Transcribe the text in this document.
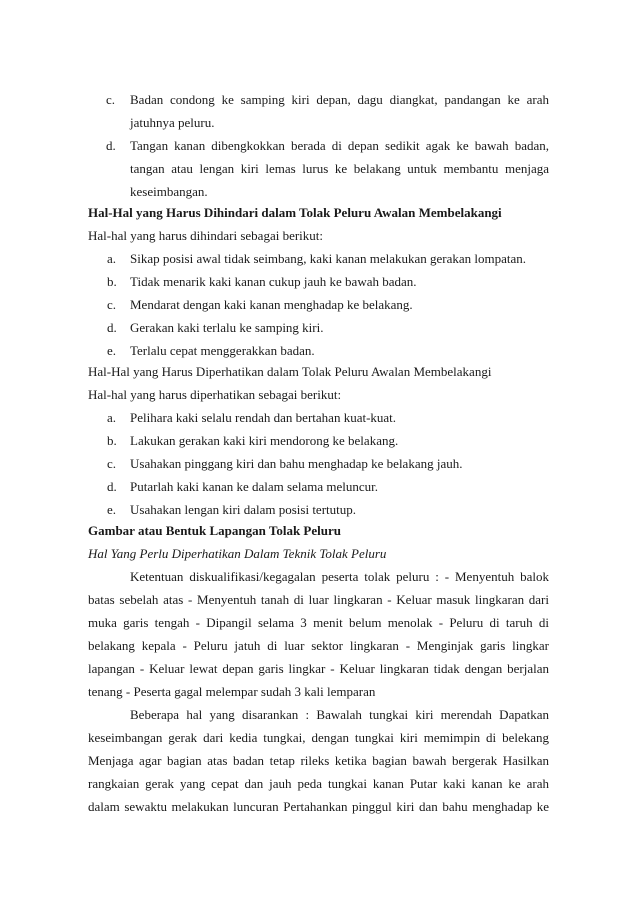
c. Badan condong ke samping kiri depan, dagu diangkat, pandangan ke arah
jatuhnya peluru.
d. Tangan kanan dibengkokkan berada di depan sedikit agak ke bawah badan,
tangan atau lengan kiri lemas lurus ke belakang untuk membantu menjaga
keseimbangan.
Hal-Hal yang Harus Dihindari dalam Tolak Peluru Awalan Membelakangi
Hal-hal yang harus dihindari sebagai berikut:
a. Sikap posisi awal tidak seimbang, kaki kanan melakukan gerakan lompatan.
b. Tidak menarik kaki kanan cukup jauh ke bawah badan.
c. Mendarat dengan kaki kanan menghadap ke belakang.
d. Gerakan kaki terlalu ke samping kiri.
e. Terlalu cepat menggerakkan badan.
Hal-Hal yang Harus Diperhatikan dalam Tolak Peluru Awalan Membelakangi
Hal-hal yang harus diperhatikan sebagai berikut:
a. Pelihara kaki selalu rendah dan bertahan kuat-kuat.
b. Lakukan gerakan kaki kiri mendorong ke belakang.
c. Usahakan pinggang kiri dan bahu menghadap ke belakang jauh.
d. Putarlah kaki kanan ke dalam selama meluncur.
e. Usahakan lengan kiri dalam posisi tertutup.
Gambar atau Bentuk Lapangan Tolak Peluru
Hal Yang Perlu Diperhatikan Dalam Teknik Tolak Peluru
Ketentuan diskualifikasi/kegagalan peserta tolak peluru : - Menyentuh balok
batas sebelah atas - Menyentuh tanah di luar lingkaran - Keluar masuk lingkaran dari
muka garis tengah - Dipangil selama 3 menit belum menolak - Peluru di taruh di
belakang kepala - Peluru jatuh di luar sektor lingkaran - Menginjak garis lingkar
lapangan - Keluar lewat depan garis lingkar - Keluar lingkaran tidak dengan berjalan
tenang - Peserta gagal melempar sudah 3 kali lemparan
Beberapa hal yang disarankan : Bawalah tungkai kiri merendah Dapatkan
keseimbangan gerak dari kedia tungkai, dengan tungkai kiri memimpin di belekang
Menjaga agar bagian atas badan tetap rileks ketika bagian bawah bergerak Hasilkan
rangkaian gerak yang cepat dan jauh peda tungkai kanan Putar kaki kanan ke arah
dalam sewaktu melakukan luncuran Pertahankan pinggul kiri dan bahu menghadap ke
